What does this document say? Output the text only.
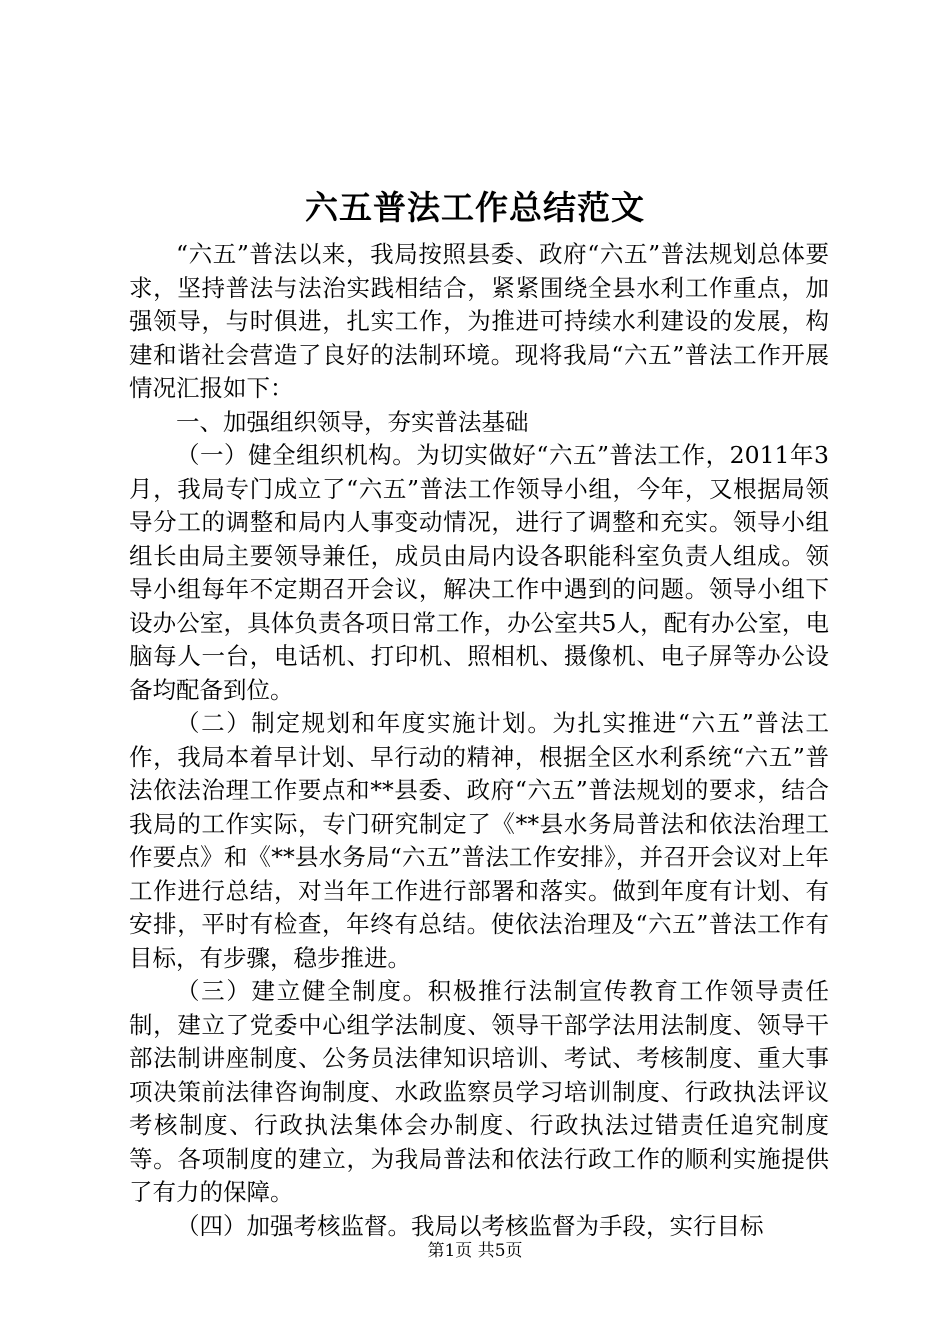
六五普法工作总结范文

“六五”普法以来，我局按照县委、政府“六五”普法规划总体要求，坚持普法与法治实践相结合，紧紧围绕全县水利工作重点，加强领导，与时俱进，扎实工作，为推进可持续水利建设的发展，构建和谐社会营造了良好的法制环境。现将我局“六五”普法工作开展情况汇报如下：

一、加强组织领导，夯实普法基础

（一）健全组织机构。为切实做好“六五”普法工作，2011年3月，我局专门成立了“六五”普法工作领导小组，今年，又根据局领导分工的调整和局内人事变动情况，进行了调整和充实。领导小组组长由局主要领导兼任，成员由局内设各职能科室负责人组成。领导小组每年不定期召开会议，解决工作中遇到的问题。领导小组下设办公室，具体负责各项日常工作，办公室共5人，配有办公室，电脑每人一台，电话机、打印机、照相机、摄像机、电子屏等办公设备均配备到位。

（二）制定规划和年度实施计划。为扎实推进“六五”普法工作，我局本着早计划、早行动的精神，根据全区水利系统“六五”普法依法治理工作要点和**县委、政府“六五”普法规划的要求，结合我局的工作实际，专门研究制定了《**县水务局普法和依法治理工作要点》和《**县水务局“六五”普法工作安排》，并召开会议对上年工作进行总结，对当年工作进行部署和落实。做到年度有计划、有安排，平时有检查，年终有总结。使依法治理及“六五”普法工作有目标，有步骤，稳步推进。

（三）建立健全制度。积极推行法制宣传教育工作领导责任制，建立了党委中心组学法制度、领导干部学法用法制度、领导干部法制讲座制度、公务员法律知识培训、考试、考核制度、重大事项决策前法律咨询制度、水政监察员学习培训制度、行政执法评议考核制度、行政执法集体会办制度、行政执法过错责任追究制度等。各项制度的建立，为我局普法和依法行政工作的顺利实施提供了有力的保障。

（四）加强考核监督。我局以考核监督为手段，实行目标

第1页 共5页
